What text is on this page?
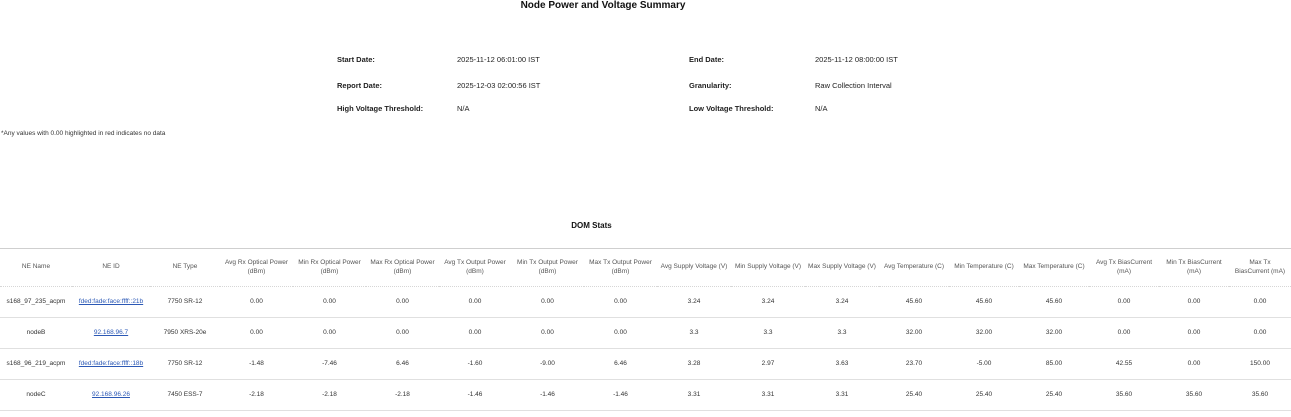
Node Power and Voltage Summary
Start Date:	2025-11-12 06:01:00 IST	End Date:	2025-11-12 08:00:00 IST
Report Date:	2025-12-03 02:00:56 IST	Granularity:	Raw Collection Interval
High Voltage Threshold:	N/A	Low Voltage Threshold:	N/A
*Any values with 0.00 highlighted in red indicates no data
DOM Stats
NE Name	NE ID	NE Type	Avg Rx Optical Power (dBm)	Min Rx Optical Power (dBm)	Max Rx Optical Power (dBm)	Avg Tx Output Power (dBm)	Min Tx Output Power (dBm)	Max Tx Output Power (dBm)	Avg Supply Voltage (V)	Min Supply Voltage (V)	Max Supply Voltage (V)	Avg Temperature (C)	Min Temperature (C)	Max Temperature (C)	Avg Tx BiasCurrent (mA)	Min Tx BiasCurrent (mA)	Max Tx BiasCurrent (mA)
s168_97_235_acpm	fded:fade:face:ffff::21b	7750 SR-12	0.00	0.00	0.00	0.00	0.00	0.00	3.24	3.24	3.24	45.60	45.60	45.60	0.00	0.00	0.00
nodeB	92.168.96.7	7950 XRS-20e	0.00	0.00	0.00	0.00	0.00	0.00	3.3	3.3	3.3	32.00	32.00	32.00	0.00	0.00	0.00
s168_96_219_acpm	fded:fade:face:ffff::18b	7750 SR-12	-1.48	-7.46	6.46	-1.60	-9.00	6.46	3.28	2.97	3.63	23.70	-5.00	85.00	42.55	0.00	150.00
nodeC	92.168.96.26	7450 ESS-7	-2.18	-2.18	-2.18	-1.46	-1.46	-1.46	3.31	3.31	3.31	25.40	25.40	25.40	35.60	35.60	35.60
